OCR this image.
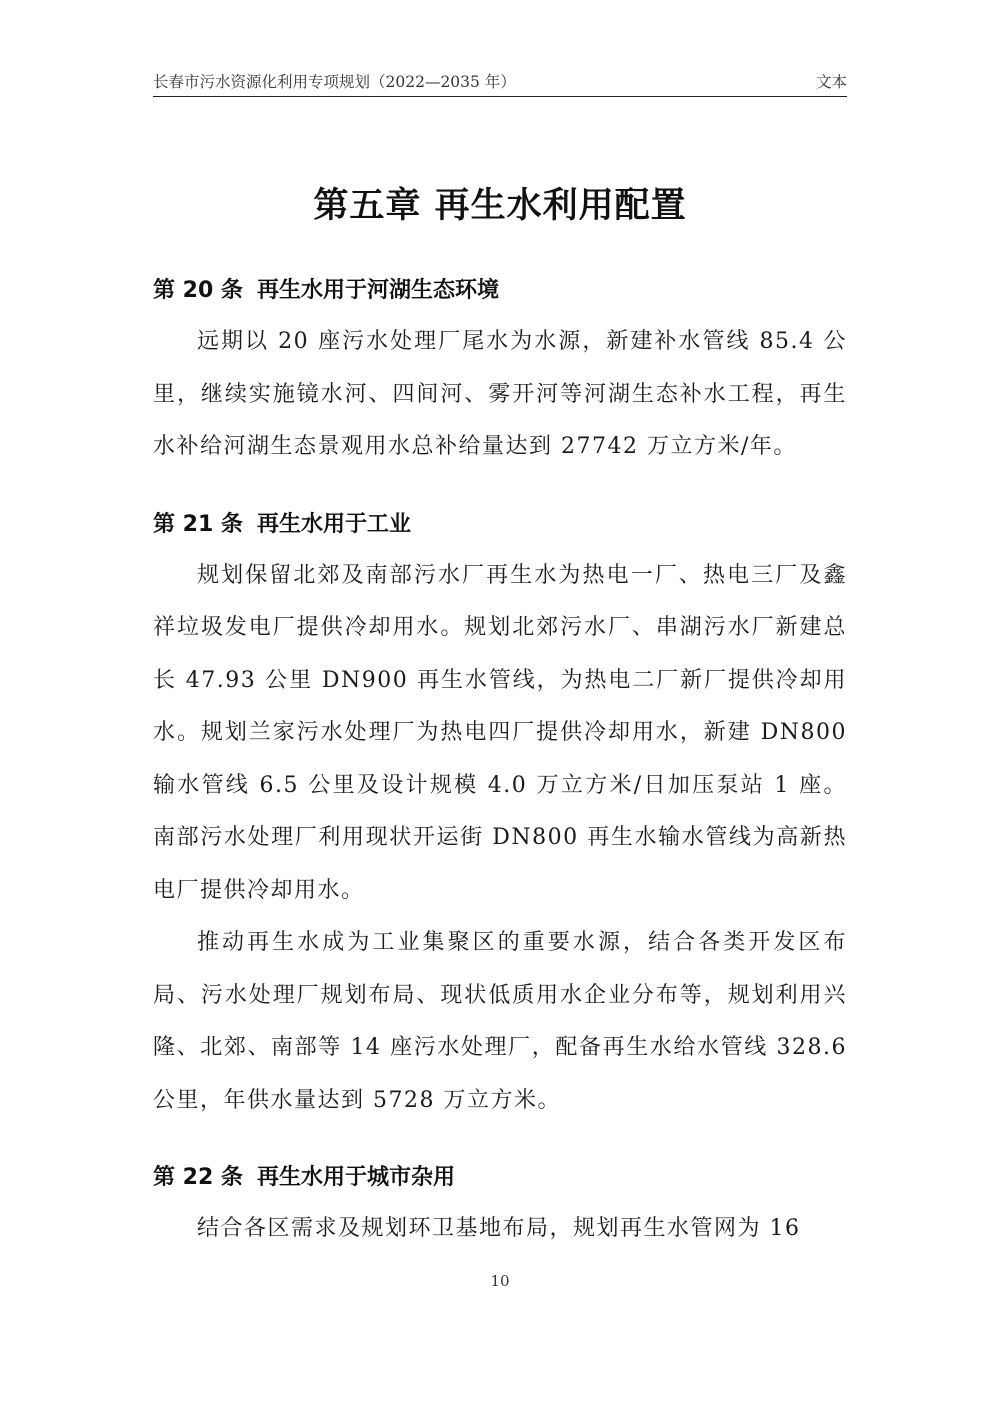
长春市污水资源化利用专项规划（2022—2035 年）	文本
第五章 再生水利用配置
第 20 条 再生水用于河湖生态环境

远期以 20 座污水处理厂尾水为水源，新建补水管线 85.4 公里，继续实施镜水河、四间河、雾开河等河湖生态补水工程，再生水补给河湖生态景观用水总补给量达到 27742 万立方米/年。

第 21 条 再生水用于工业

规划保留北郊及南部污水厂再生水为热电一厂、热电三厂及鑫祥垃圾发电厂提供冷却用水。规划北郊污水厂、串湖污水厂新建总长 47.93 公里 DN900 再生水管线，为热电二厂新厂提供冷却用水。规划兰家污水处理厂为热电四厂提供冷却用水，新建 DN800 输水管线 6.5 公里及设计规模 4.0 万立方米/日加压泵站 1 座。南部污水处理厂利用现状开运街 DN800 再生水输水管线为高新热电厂提供冷却用水。

推动再生水成为工业集聚区的重要水源，结合各类开发区布局、污水处理厂规划布局、现状低质用水企业分布等，规划利用兴隆、北郊、南部等 14 座污水处理厂，配备再生水给水管线 328.6 公里，年供水量达到 5728 万立方米。

第 22 条 再生水用于城市杂用

结合各区需求及规划环卫基地布局，规划再生水管网为 16

10
